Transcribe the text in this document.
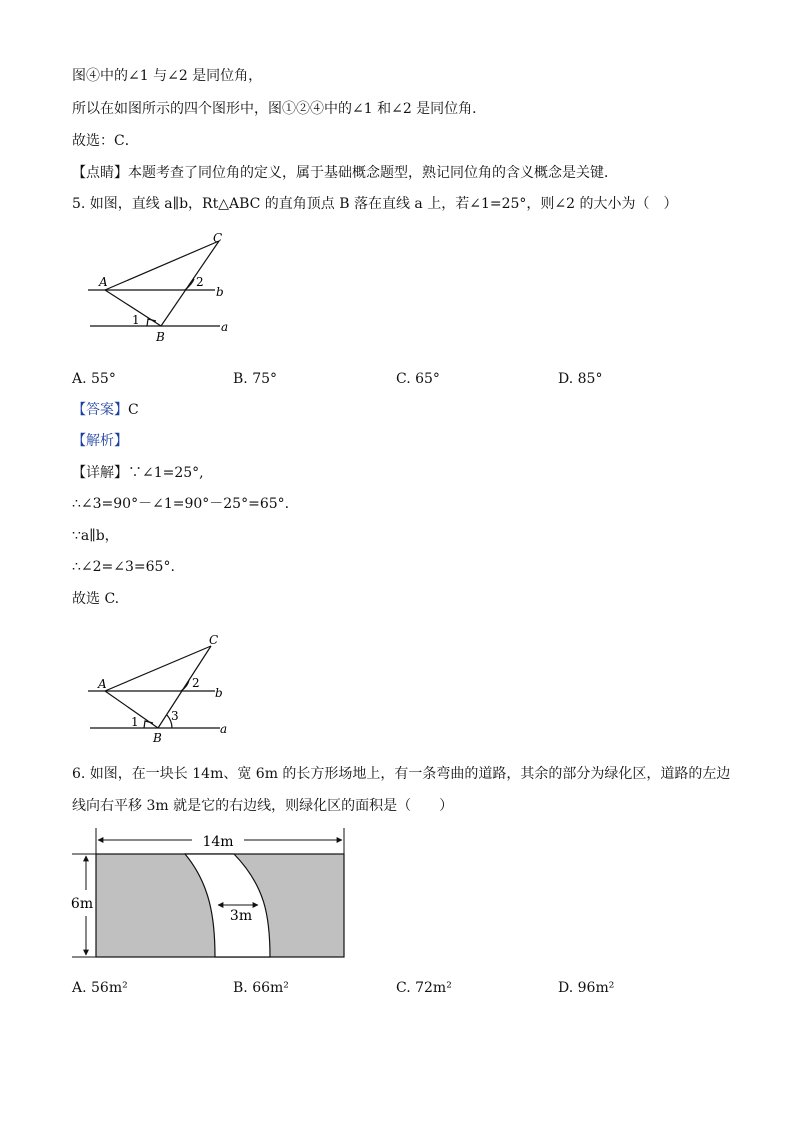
图④中的∠1 与∠2 是同位角，
所以在如图所示的四个图形中，图①②④中的∠1 和∠2 是同位角．
故选：C．
【点睛】本题考查了同位角的定义，属于基础概念题型，熟记同位角的含义概念是关键．
5. 如图，直线 a∥b，Rt△ABC 的直角顶点 B 落在直线 a 上，若∠1=25°，则∠2 的大小为（　）
C
A
B
2
1
b
a
A. 55°	B. 75°	C. 65°	D. 85°
【答案】C
【解析】
【详解】∵∠1=25°,
∴∠3=90°－∠1=90°－25°=65°.
∵a∥b，
∴∠2=∠3=65°.
故选 C.
C
A
B
2
1	3
b
a
6. 如图，在一块长 14m、宽 6m 的长方形场地上，有一条弯曲的道路，其余的部分为绿化区，道路的左边
线向右平移 3m 就是它的右边线，则绿化区的面积是（　　）
14m
6m
3m
A. 56m²	B. 66m²	C. 72m²	D. 96m²
